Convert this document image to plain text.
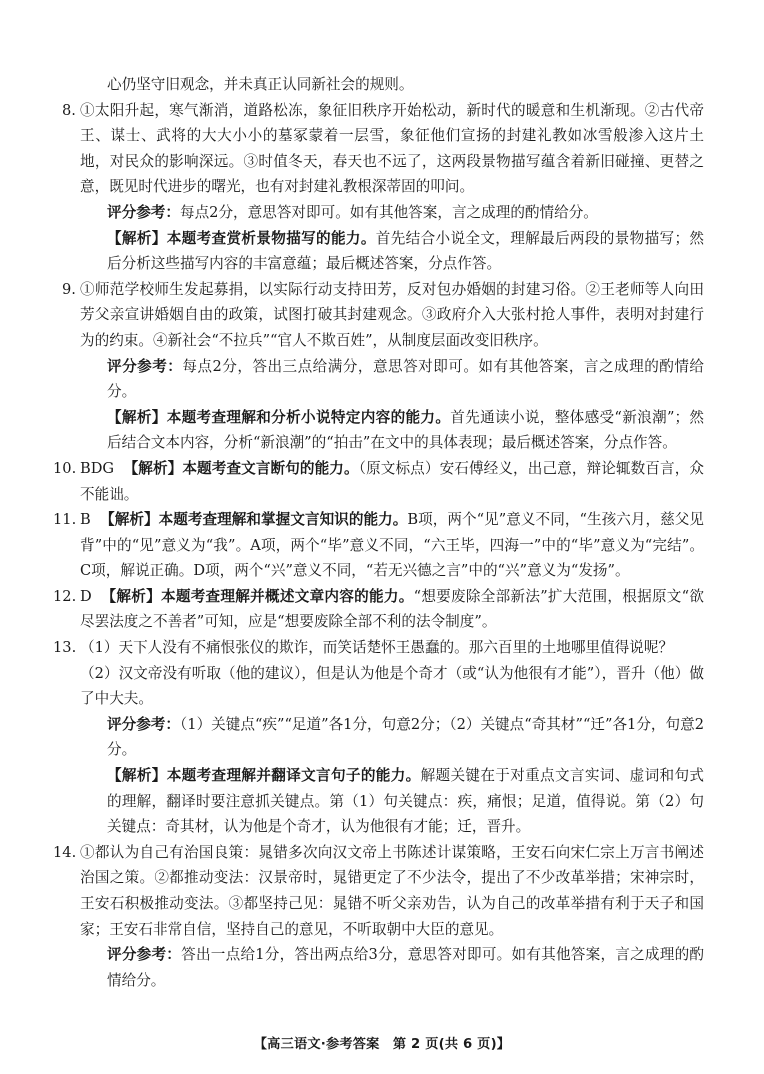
心仍坚守旧观念，并未真正认同新社会的规则。
8. ①太阳升起，寒气渐消，道路松冻，象征旧秩序开始松动，新时代的暖意和生机渐现。②古代帝王、谋士、武将的大大小小的墓冢蒙着一层雪，象征他们宣扬的封建礼教如冰雪般渗入这片土地，对民众的影响深远。③时值冬天，春天也不远了，这两段景物描写蕴含着新旧碰撞、更替之意，既见时代进步的曙光，也有对封建礼教根深蒂固的叩问。
评分参考：每点2分，意思答对即可。如有其他答案，言之成理的酌情给分。
【解析】本题考查赏析景物描写的能力。首先结合小说全文，理解最后两段的景物描写；然后分析这些描写内容的丰富意蕴；最后概述答案，分点作答。
9. ①师范学校师生发起募捐，以实际行动支持田芳，反对包办婚姻的封建习俗。②王老师等人向田芳父亲宣讲婚姻自由的政策，试图打破其封建观念。③政府介入大张村抢人事件，表明对封建行为的约束。④新社会“不拉兵”“官人不欺百姓”，从制度层面改变旧秩序。
评分参考：每点2分，答出三点给满分，意思答对即可。如有其他答案，言之成理的酌情给分。
【解析】本题考查理解和分析小说特定内容的能力。首先通读小说，整体感受“新浪潮”；然后结合文本内容，分析“新浪潮”的“拍击”在文中的具体表现；最后概述答案，分点作答。
10. BDG 【解析】本题考查文言断句的能力。（原文标点）安石傅经义，出己意，辩论辄数百言，众不能诎。
11. B 【解析】本题考查理解和掌握文言知识的能力。B项，两个“见”意义不同，“生孩六月，慈父见背”中的“见”意义为“我”。A项，两个“毕”意义不同，“六王毕，四海一”中的“毕”意义为“完结”。C项，解说正确。D项，两个“兴”意义不同，“若无兴德之言”中的“兴”意义为“发扬”。
12. D 【解析】本题考查理解并概述文章内容的能力。“想要废除全部新法”扩大范围，根据原文“欲尽罢法度之不善者”可知，应是“想要废除全部不利的法令制度”。
13. （1）天下人没有不痛恨张仪的欺诈，而笑话楚怀王愚蠢的。那六百里的土地哪里值得说呢？
（2）汉文帝没有听取（他的建议），但是认为他是个奇才（或“认为他很有才能”），晋升（他）做了中大夫。
评分参考：（1）关键点“疾”“足道”各1分，句意2分；（2）关键点“奇其材”“迁”各1分，句意2分。
【解析】本题考查理解并翻译文言句子的能力。解题关键在于对重点文言实词、虚词和句式的理解，翻译时要注意抓关键点。第（1）句关键点：疾，痛恨；足道，值得说。第（2）句关键点：奇其材，认为他是个奇才，认为他很有才能；迁，晋升。
14. ①都认为自己有治国良策：晁错多次向汉文帝上书陈述计谋策略，王安石向宋仁宗上万言书阐述治国之策。②都推动变法：汉景帝时，晁错更定了不少法令，提出了不少改革举措；宋神宗时，王安石积极推动变法。③都坚持己见：晁错不听父亲劝告，认为自己的改革举措有利于天子和国家；王安石非常自信，坚持自己的意见，不听取朝中大臣的意见。
评分参考：答出一点给1分，答出两点给3分，意思答对即可。如有其他答案，言之成理的酌情给分。
【高三语文·参考答案　第 2 页(共 6 页)】
